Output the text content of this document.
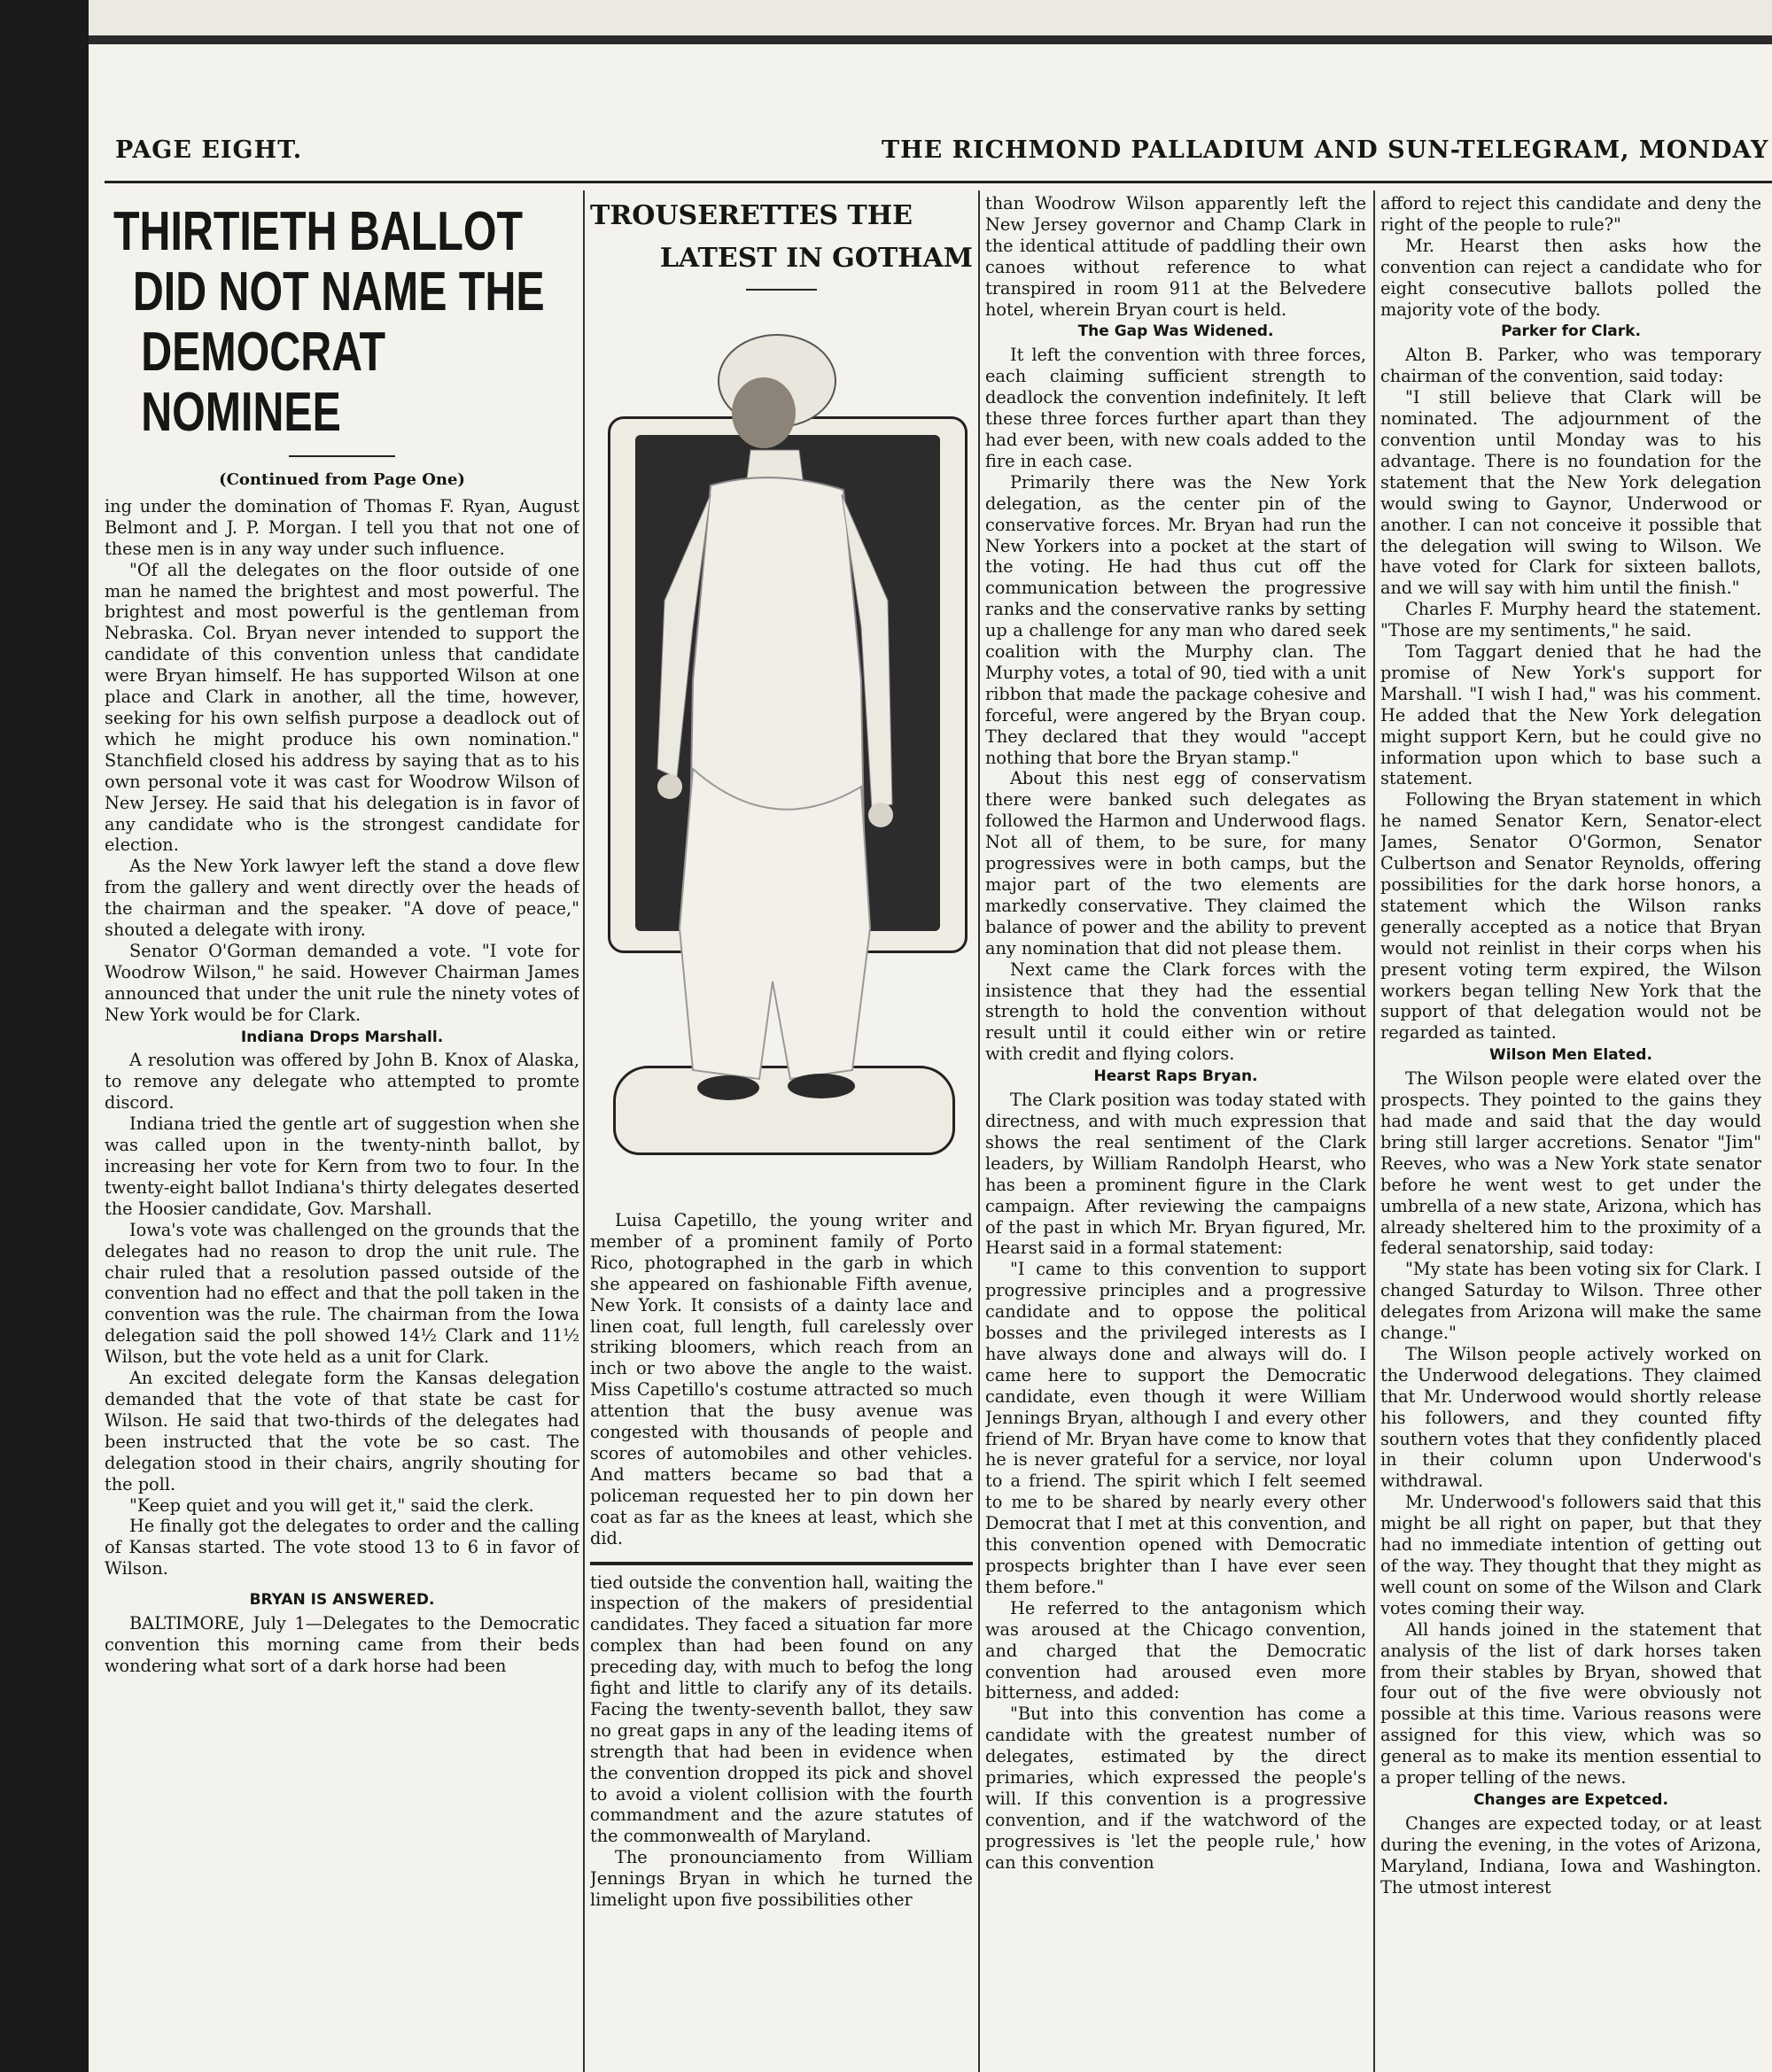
PAGE EIGHT.	THE RICHMOND PALLADIUM AND SUN-TELEGRAM, MONDAY
THIRTIETH BALLOT
DID NOT NAME THE
DEMOCRAT NOMINEE
(Continued from Page One)

ing under the domination of Thomas F. Ryan, August Belmont and J. P. Morgan. I tell you that not one of these men is in any way under such influence.

"Of all the delegates on the floor outside of one man he named the brightest and most powerful. The brightest and most powerful is the gentleman from Nebraska. Col. Bryan never intended to support the candidate of this convention unless that candidate were Bryan himself. He has supported Wilson at one place and Clark in another, all the time, however, seeking for his own selfish purpose a deadlock out of which he might produce his own nomination." Stanchfield closed his address by saying that as to his own personal vote it was cast for Woodrow Wilson of New Jersey. He said that his delegation is in favor of any candidate who is the strongest candidate for election.

As the New York lawyer left the stand a dove flew from the gallery and went directly over the heads of the chairman and the speaker. "A dove of peace," shouted a delegate with irony.

Senator O'Gorman demanded a vote. "I vote for Woodrow Wilson," he said. However Chairman James announced that under the unit rule the ninety votes of New York would be for Clark.

Indiana Drops Marshall.

A resolution was offered by John B. Knox of Alaska, to remove any delegate who attempted to promte discord.

Indiana tried the gentle art of suggestion when she was called upon in the twenty-ninth ballot, by increasing her vote for Kern from two to four. In the twenty-eight ballot Indiana's thirty delegates deserted the Hoosier candidate, Gov. Marshall.

Iowa's vote was challenged on the grounds that the delegates had no reason to drop the unit rule. The chair ruled that a resolution passed outside of the convention had no effect and that the poll taken in the convention was the rule. The chairman from the Iowa delegation said the poll showed 14½ Clark and 11½ Wilson, but the vote held as a unit for Clark.

An excited delegate form the Kansas delegation demanded that the vote of that state be cast for Wilson. He said that two-thirds of the delegates had been instructed that the vote be so cast. The delegation stood in their chairs, angrily shouting for the poll.

"Keep quiet and you will get it," said the clerk.

He finally got the delegates to order and the calling of Kansas started. The vote stood 13 to 6 in favor of Wilson.

BRYAN IS ANSWERED.

BALTIMORE, July 1—Delegates to the Democratic convention this morning came from their beds wondering what sort of a dark horse had been

TROUSERETTES THE
LATEST IN GOTHAM

Luisa Capetillo, the young writer and member of a prominent family of Porto Rico, photographed in the garb in which she appeared on fashionable Fifth avenue, New York. It consists of a dainty lace and linen coat, full length, full carelessly over striking bloomers, which reach from an inch or two above the angle to the waist. Miss Capetillo's costume attracted so much attention that the busy avenue was congested with thousands of people and scores of automobiles and other vehicles. And matters became so bad that a policeman requested her to pin down her coat as far as the knees at least, which she did.

tied outside the convention hall, waiting the inspection of the makers of presidential candidates. They faced a situation far more complex than had been found on any preceding day, with much to befog the long fight and little to clarify any of its details. Facing the twenty-seventh ballot, they saw no great gaps in any of the leading items of strength that had been in evidence when the convention dropped its pick and shovel to avoid a violent collision with the fourth commandment and the azure statutes of the commonwealth of Maryland.

The pronounciamento from William Jennings Bryan in which he turned the limelight upon five possibilities other

than Woodrow Wilson apparently left the New Jersey governor and Champ Clark in the identical attitude of paddling their own canoes without reference to what transpired in room 911 at the Belvedere hotel, wherein Bryan court is held.

The Gap Was Widened.

It left the convention with three forces, each claiming sufficient strength to deadlock the convention indefinitely. It left these three forces further apart than they had ever been, with new coals added to the fire in each case.

Primarily there was the New York delegation, as the center pin of the conservative forces. Mr. Bryan had run the New Yorkers into a pocket at the start of the voting. He had thus cut off the communication between the progressive ranks and the conservative ranks by setting up a challenge for any man who dared seek coalition with the Murphy clan. The Murphy votes, a total of 90, tied with a unit ribbon that made the package cohesive and forceful, were angered by the Bryan coup. They declared that they would "accept nothing that bore the Bryan stamp."

About this nest egg of conservatism there were banked such delegates as followed the Harmon and Underwood flags. Not all of them, to be sure, for many progressives were in both camps, but the major part of the two elements are markedly conservative. They claimed the balance of power and the ability to prevent any nomination that did not please them.

Next came the Clark forces with the insistence that they had the essential strength to hold the convention without result until it could either win or retire with credit and flying colors.

Hearst Raps Bryan.

The Clark position was today stated with directness, and with much expression that shows the real sentiment of the Clark leaders, by William Randolph Hearst, who has been a prominent figure in the Clark campaign. After reviewing the campaigns of the past in which Mr. Bryan figured, Mr. Hearst said in a formal statement:

"I came to this convention to support progressive principles and a progressive candidate and to oppose the political bosses and the privileged interests as I have always done and always will do. I came here to support the Democratic candidate, even though it were William Jennings Bryan, although I and every other friend of Mr. Bryan have come to know that he is never grateful for a service, nor loyal to a friend. The spirit which I felt seemed to me to be shared by nearly every other Democrat that I met at this convention, and this convention opened with Democratic prospects brighter than I have ever seen them before."

He referred to the antagonism which was aroused at the Chicago convention, and charged that the Democratic convention had aroused even more bitterness, and added:

"But into this convention has come a candidate with the greatest number of delegates, estimated by the direct primaries, which expressed the people's will. If this convention is a progressive convention, and if the watchword of the progressives is 'let the people rule,' how can this convention

afford to reject this candidate and deny the right of the people to rule?"

Mr. Hearst then asks how the convention can reject a candidate who for eight consecutive ballots polled the majority vote of the body.

Parker for Clark.

Alton B. Parker, who was temporary chairman of the convention, said today:

"I still believe that Clark will be nominated. The adjournment of the convention until Monday was to his advantage. There is no foundation for the statement that the New York delegation would swing to Gaynor, Underwood or another. I can not conceive it possible that the delegation will swing to Wilson. We have voted for Clark for sixteen ballots, and we will say with him until the finish."

Charles F. Murphy heard the statement. "Those are my sentiments," he said.

Tom Taggart denied that he had the promise of New York's support for Marshall. "I wish I had," was his comment. He added that the New York delegation might support Kern, but he could give no information upon which to base such a statement.

Following the Bryan statement in which he named Senator Kern, Senator-elect James, Senator O'Gormon, Senator Culbertson and Senator Reynolds, offering possibilities for the dark horse honors, a statement which the Wilson ranks generally accepted as a notice that Bryan would not reinlist in their corps when his present voting term expired, the Wilson workers began telling New York that the support of that delegation would not be regarded as tainted.

Wilson Men Elated.

The Wilson people were elated over the prospects. They pointed to the gains they had made and said that the day would bring still larger accretions. Senator "Jim" Reeves, who was a New York state senator before he went west to get under the umbrella of a new state, Arizona, which has already sheltered him to the proximity of a federal senatorship, said today:

"My state has been voting six for Clark. I changed Saturday to Wilson. Three other delegates from Arizona will make the same change."

The Wilson people actively worked on the Underwood delegations. They claimed that Mr. Underwood would shortly release his followers, and they counted fifty southern votes that they confidently placed in their column upon Underwood's withdrawal.

Mr. Underwood's followers said that this might be all right on paper, but that they had no immediate intention of getting out of the way. They thought that they might as well count on some of the Wilson and Clark votes coming their way.

All hands joined in the statement that analysis of the list of dark horses taken from their stables by Bryan, showed that four out of the five were obviously not possible at this time. Various reasons were assigned for this view, which was so general as to make its mention essential to a proper telling of the news.

Changes are Expetced.

Changes are expected today, or at least during the evening, in the votes of Arizona, Maryland, Indiana, Iowa and Washington. The utmost interest
